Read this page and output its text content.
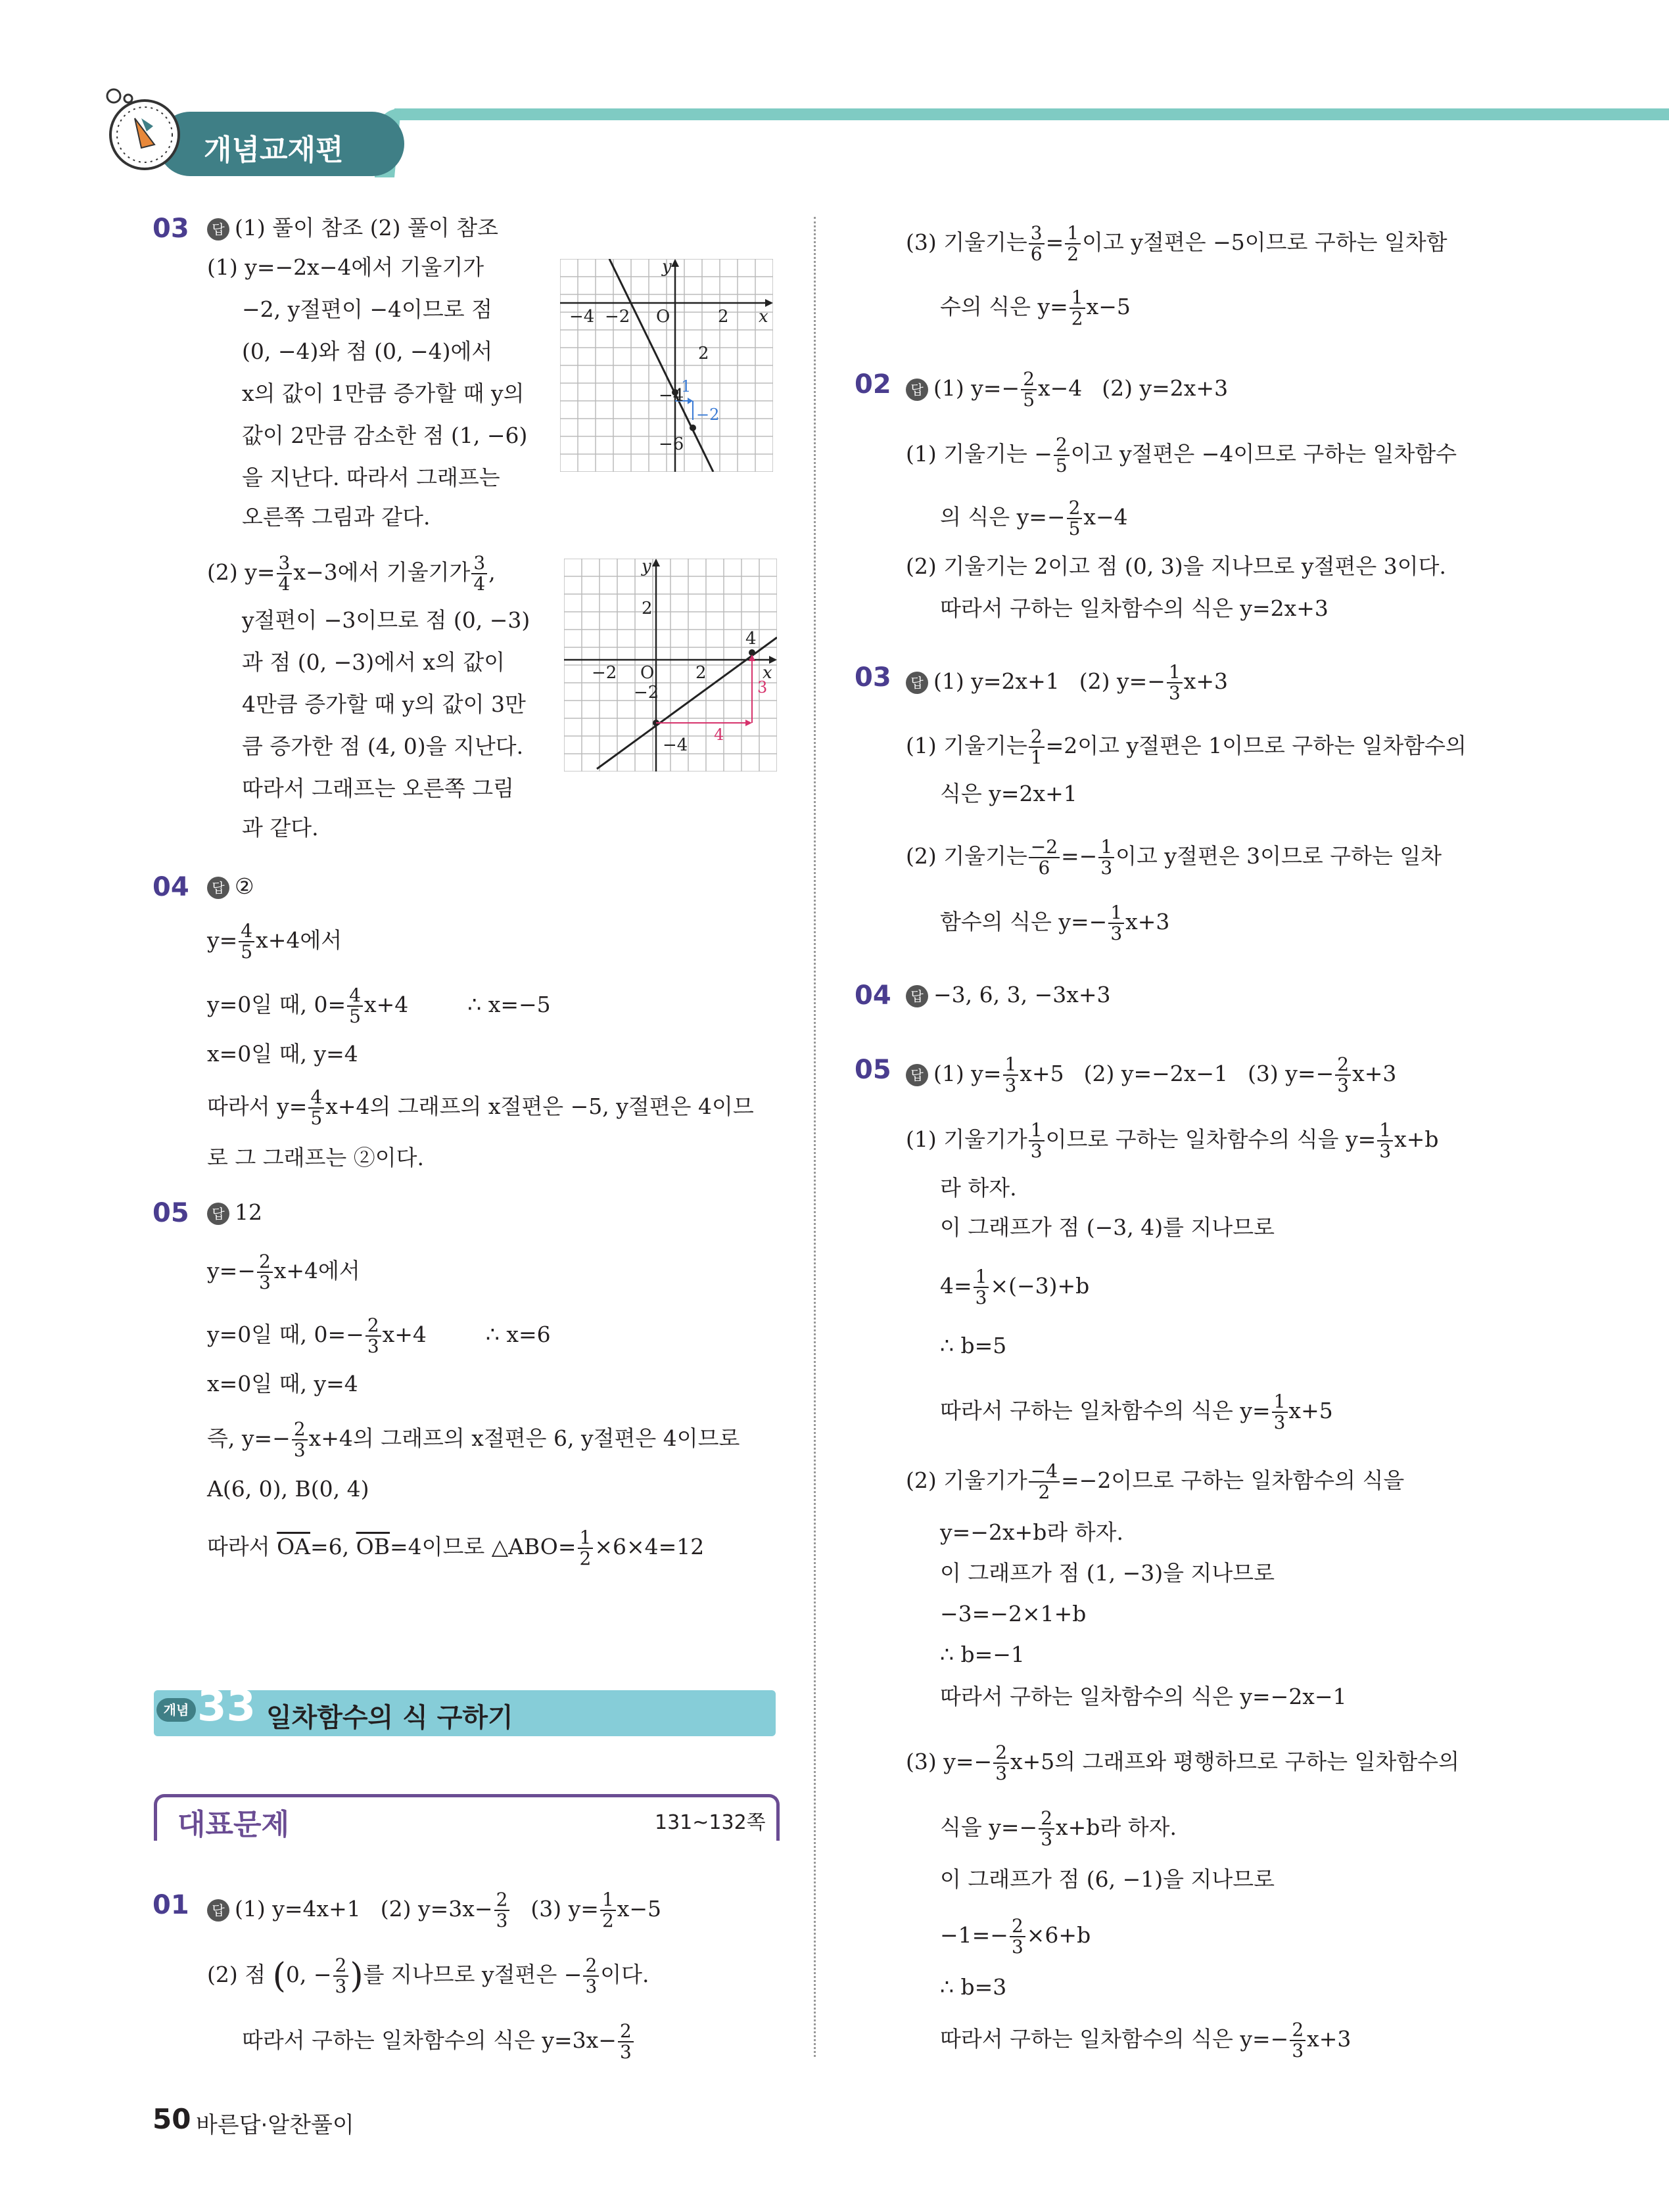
개념교재편
03	답 (1) 풀이 참조 (2) 풀이 참조
(1) y=−2x−4에서 기울기가
−2, y절편이 −4이므로 점
(0, −4)와 점 (0, −4)에서
x의 값이 1만큼 증가할 때 y의
값이 2만큼 감소한 점 (1, −6)
을 지난다. 따라서 그래프는
오른쪽 그림과 같다.
−4 −2 O	2 x
y
2
−4
−6
1
−2
(2) $y= \frac{3}{4} x-3$에서 기울기가 $\frac{3}{4}$ ,
y절편이 −3이므로 점 (0, −3)
과 점 (0, −3)에서 x의 값이
4만큼 증가할 때 y의 값이 3만
큼 증가한 점 (4, 0)을 지난다.
따라서 그래프는 오른쪽 그림
과 같다.
−2 O 2
4
x
y
2
−2
−4
3
4
04	답 ②
$y= \frac{4}{5} x+4$에서
y=0일 때, $0= \frac{4}{5} x+4$	∴ x=−5
x=0일 때, y=4
따라서 $y= \frac{4}{5} x+4$의 그래프의 x절편은 −5, y절편은 4이므
로 그 그래프는 ②이다.
05	답 12
$y=- \frac{2}{3} x+4$에서
y=0일 때, $0=- \frac{2}{3} x+4$	∴ x=6
x=0일 때, y=4
즉, $y=- \frac{2}{3} x+4$의 그래프의 x절편은 6, y절편은 4이므로
A(6, 0), B(0, 4)
따라서 $\overline{OA}=6$, $\overline{OB}=4$이므로 △ABO= $\frac{1}{2} \times 6\times 4=12$
개념 33 일차함수의 식 구하기
대표문제	131~132쪽
01	답 (1) y=4x+1 (2) $y=3x- \frac{2}{3} (3)$ $y= \frac{1}{2} x-5$
(2) 점 (0, − $\frac{2}{3}$ )를 지나므로 y절편은 − $\frac{2}{3}$ 이다.
따라서 구하는 일차함수의 식은 $y=3x- \frac{2}{3}$
(3) 기울기는 $\frac{3}{6} = \frac{1}{2}$ 이고 y절편은 −5이므로 구하는 일차함
수의 식은 $y= \frac{1}{2} x-5$
02	답 (1) $y=- \frac{2}{5} x-4$ (2) y=2x+3
(1) 기울기는 − $\frac{2}{5}$ 이고 y절편은 −4이므로 구하는 일차함수
의 식은 $y=- \frac{2}{5} x-4$
(2) 기울기는 2이고 점 (0, 3)을 지나므로 y절편은 3이다.
따라서 구하는 일차함수의 식은 y=2x+3
03	답 (1) y=2x+1 (2) $y=- \frac{1}{3} x+3$
(1) 기울기는 $\frac{2}{1} =2$이고 y절편은 1이므로 구하는 일차함수의
식은 y=2x+1
(2) 기울기는 $\frac{-2}{6} =- \frac{1}{3}$ 이고 y절편은 3이므로 구하는 일차
함수의 식은 $y=- \frac{1}{3} x+3$
04	답 −3, 6, 3, −3x+3
05	답 (1) $y= \frac{1}{3} x+5$ (2) y=−2x−1 (3) $y=- \frac{2}{3} x+3$
(1) 기울기가 $\frac{1}{3}$ 이므로 구하는 일차함수의 식을 $y= \frac{1}{3} x+b$
라 하자.
이 그래프가 점 (−3, 4)를 지나므로
$4= \frac{1}{3} \times(-3)+b$
∴ b=5
따라서 구하는 일차함수의 식은 $y= \frac{1}{3} x+5$
(2) 기울기가 $\frac{-4}{2} =-2$이므로 구하는 일차함수의 식을
y=−2x+b라 하자.
이 그래프가 점 (1, −3)을 지나므로
−3=−2×1+b
∴ b=−1
따라서 구하는 일차함수의 식은 y=−2x−1
(3) $y=- \frac{2}{3} x+5$의 그래프와 평행하므로 구하는 일차함수의
식을 $y=- \frac{2}{3} x+b$라 하자.
이 그래프가 점 (6, −1)을 지나므로
$-1=- \frac{2}{3} \times 6+b$
∴ b=3
따라서 구하는 일차함수의 식은 $y=- \frac{2}{3} x+3$
50 바른답·알찬풀이
